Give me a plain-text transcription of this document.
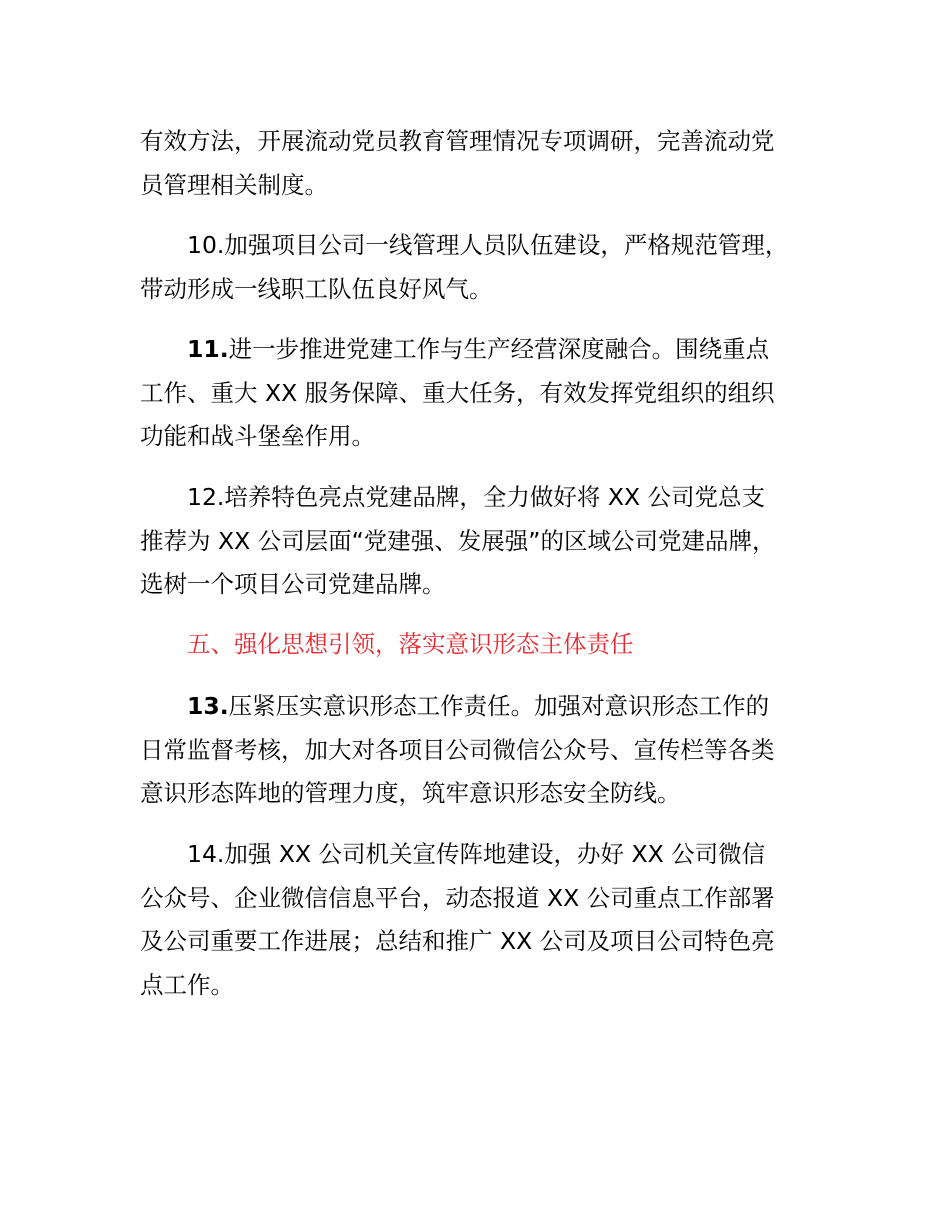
有效方法，开展流动党员教育管理情况专项调研，完善流动党
员管理相关制度。
10.加强项目公司一线管理人员队伍建设，严格规范管理，
带动形成一线职工队伍良好风气。
11.进一步推进党建工作与生产经营深度融合。围绕重点
工作、重大 XX 服务保障、重大任务，有效发挥党组织的组织
功能和战斗堡垒作用。
12.培养特色亮点党建品牌，全力做好将 XX 公司党总支
推荐为 XX 公司层面“党建强、发展强”的区域公司党建品牌，
选树一个项目公司党建品牌。
五、强化思想引领，落实意识形态主体责任
13.压紧压实意识形态工作责任。加强对意识形态工作的
日常监督考核，加大对各项目公司微信公众号、宣传栏等各类
意识形态阵地的管理力度，筑牢意识形态安全防线。
14.加强 XX 公司机关宣传阵地建设，办好 XX 公司微信
公众号、企业微信信息平台，动态报道 XX 公司重点工作部署
及公司重要工作进展；总结和推广 XX 公司及项目公司特色亮
点工作。
